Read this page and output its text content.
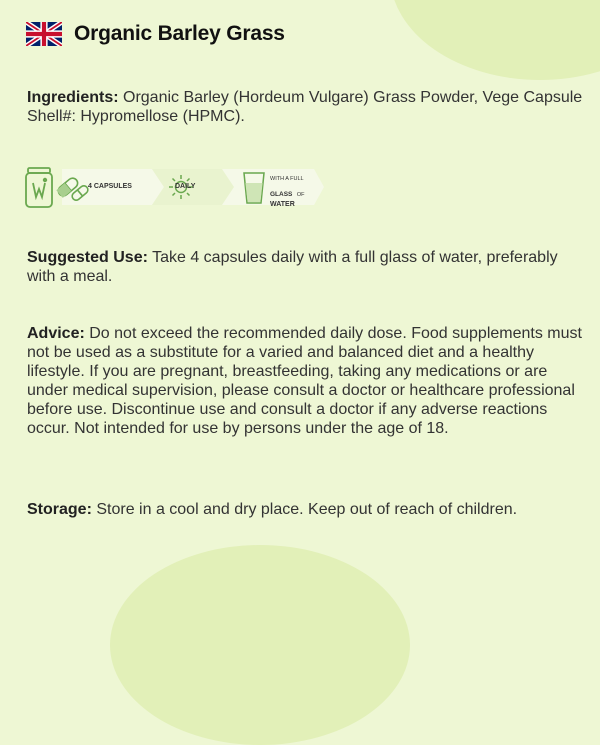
Organic Barley Grass
Ingredients: Organic Barley (Hordeum Vulgare) Grass Powder, Vege Capsule Shell#: Hypromellose (HPMC).
4 CAPSULES	DAILY
WITH A FULL
GLASS OF
WATER
Suggested Use: Take 4 capsules daily with a full glass of water, preferably with a meal.
Advice: Do not exceed the recommended daily dose. Food supplements must not be used as a substitute for a varied and balanced diet and a healthy lifestyle. If you are pregnant, breastfeeding, taking any medications or are under medical supervision, please consult a doctor or healthcare professional before use. Discontinue use and consult a doctor if any adverse reactions occur. Not intended for use by persons under the age of 18.
Storage: Store in a cool and dry place. Keep out of reach of children.
